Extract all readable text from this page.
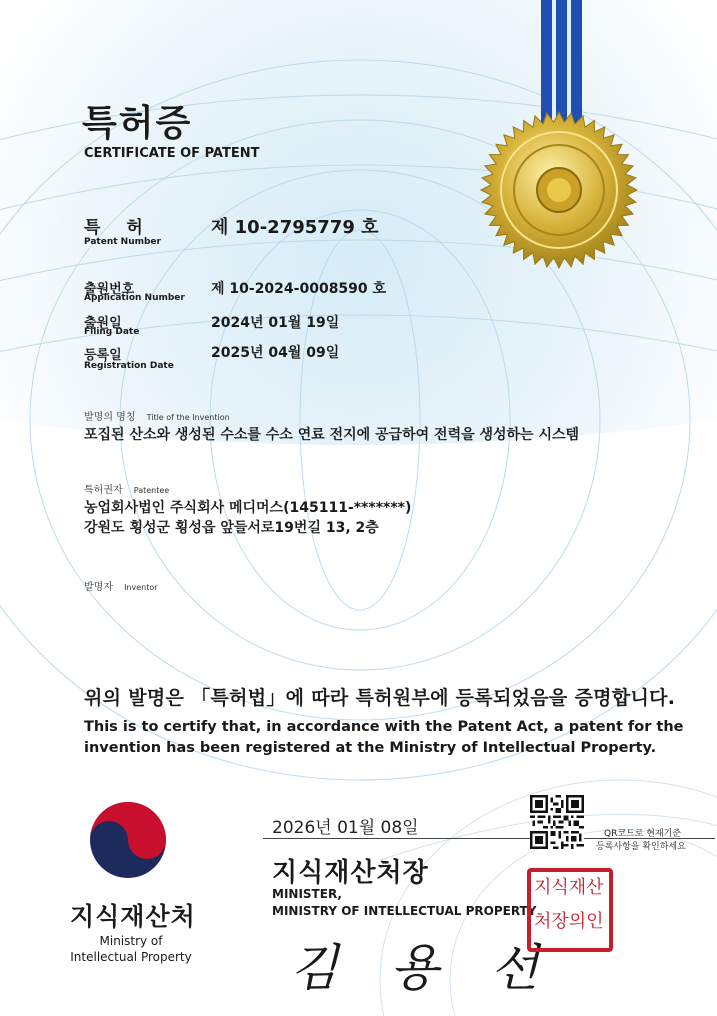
특허증
CERTIFICATE OF PATENT
특 허
Patent Number
제 10-2795779 호
출원번호
Application Number
제 10-2024-0008590 호
출원일
Filing Date
2024년 01월 19일
등록일
Registration Date
2025년 04월 09일
발명의 명칭 Title of the Invention
포집된 산소와 생성된 수소를 수소 연료 전지에 공급하여 전력을 생성하는 시스템
특허권자 Patentee
농업회사법인 주식회사 메디머스(145111-*******)
강원도 횡성군 횡성읍 앞들서로19번길 13, 2층
발명자 Inventor
위의 발명은 「특허법」에 따라 특허원부에 등록되었음을 증명합니다.
This is to certify that, in accordance with the Patent Act, a patent for the
invention has been registered at the Ministry of Intellectual Property.
지식재산처
Ministry of
Intellectual Property
2026년 01월 08일
지식재산처장
MINISTER,
MINISTRY OF INTELLECTUAL PROPERTY
김 용 선
QR코드로 현재기준
등록사항을 확인하세요
지식재산
처장의인
